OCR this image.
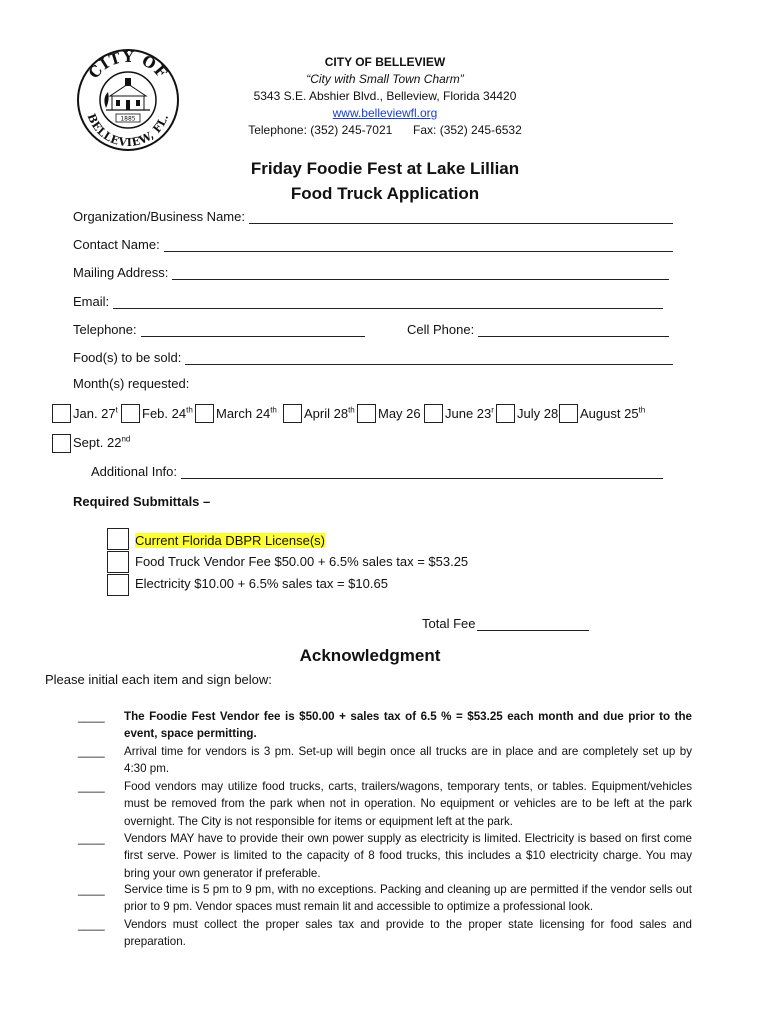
CITY OF
BELLEVIEW, FL.
1885
CITY OF BELLEVIEW
“City with Small Town Charm”
5343 S.E. Abshier Blvd., Belleview, Florida 34420
www.belleviewfl.org
Telephone: (352) 245-7021 Fax: (352) 245-6532
Friday Foodie Fest at Lake Lillian
Food Truck Application
Organization/Business Name:
Contact Name:
Mailing Address:
Email:
Telephone:	Cell Phone:
Food(s) to be sold:
Month(s) requested:
Jan. 27$^t$ Feb. 24th March 24th April 28th May 26 June 23$^r$ July 28 August 25th
Sept. 22nd
Additional Info:
Required Submittals –
Current Florida DBPR License(s)
Food Truck Vendor Fee $50.00 + 6.5% sales tax = $53.25
Electricity $10.00 + 6.5% sales tax = $10.65
Total Fee
Acknowledgment
Please initial each item and sign below:
____	The Foodie Fest Vendor fee is $50.00 + sales tax of 6.5 % = $53.25 each month and due prior to the event, space permitting.
____	Arrival time for vendors is 3 pm. Set-up will begin once all trucks are in place and are completely set up by 4:30 pm.
____	Food vendors may utilize food trucks, carts, trailers/wagons, temporary tents, or tables. Equipment/vehicles must be removed from the park when not in operation. No equipment or vehicles are to be left at the park overnight. The City is not responsible for items or equipment left at the park.
____	Vendors MAY have to provide their own power supply as electricity is limited. Electricity is based on first come first serve. Power is limited to the capacity of 8 food trucks, this includes a $10 electricity charge. You may bring your own generator if preferable.
____	Service time is 5 pm to 9 pm, with no exceptions. Packing and cleaning up are permitted if the vendor sells out prior to 9 pm. Vendor spaces must remain lit and accessible to optimize a professional look.
____	Vendors must collect the proper sales tax and provide to the proper state licensing for food sales and preparation.
